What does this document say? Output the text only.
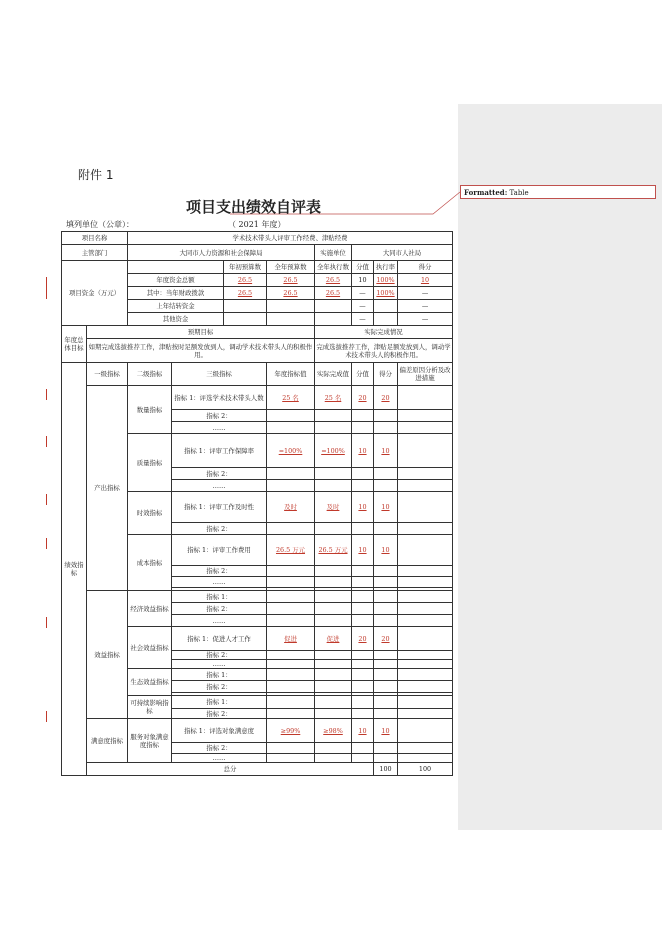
Formatted: Table
附件 1
项目支出绩效自评表
填列单位（公章）：	（ 2021 年度）
项目名称		学术技术带头人评审工作经费、津贴经费								
主管部门		大同市人力资源和社会保障局				实施单位	大同市人社局			
项目资金（万元）				年初预算数	全年预算数	全年执行数	分值	执行率	得分	
		年度资金总额		26.5	26.5	26.5	10	100%	10	
		其中：当年财政拨款		26.5	26.5	26.5	—	100%	—	
		上年结转资金					—		—	
		其他资金					—		—	
年度总体目标	预期目标					实际完成情况				
	如期完成选拔推荐工作，津贴按时足额发放到人，调动学术技术带头人的积极作用。					完成选拔推荐工作，津贴足额发放到人，调动学术技术带头人的积极作用。				
绩效指标	一级指标	二级指标	三级指标		年度指标值	实际完成值	分值	得分	偏差原因分析及改进措施	
	产出指标	数量指标	指标 1：评选学术技术带头人数		25 名	25 名	20	20		
			指标 2：							
			……							
		质量指标	指标 1：评审工作保障率		=100%	=100%	10	10		
			指标 2：							
			……							
		时效指标	指标 1：评审工作及时性		及时	及时	10	10		
			指标 2：							
		成本指标	指标 1：评审工作费用		26.5 万元	26.5 万元	10	10		
			指标 2：							
			……							

	效益指标	经济效益指标	指标 1：							
			指标 2：							
			……							
		社会效益指标	指标 1：促进人才工作		促进	促进	20	20		
			指标 2：							
			……							
		生态效益指标	指标 1：							
			指标 2：							

		可持续影响指标	指标 1：							
			指标 2：							
	满意度指标	服务对象满意度指标	指标 1：评选对象满意度		≥99%	≥98%	10	10		
			指标 2：							
			……							
	总分							100	100	
